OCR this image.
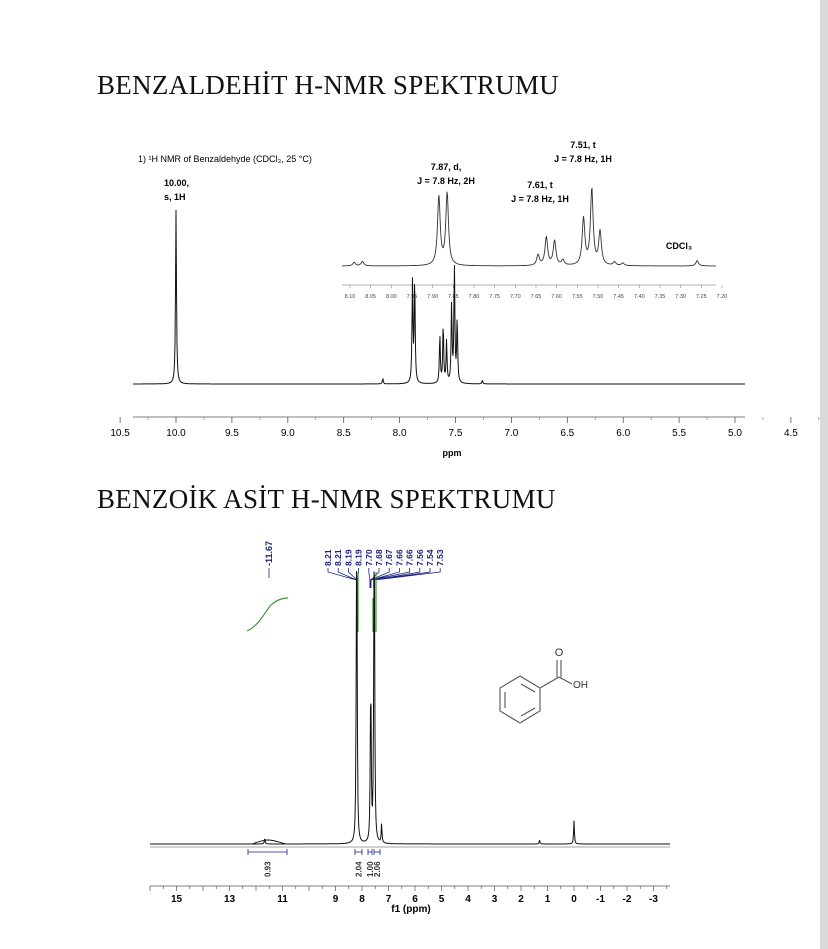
BENZALDEHİT H-NMR SPEKTRUMU
1) ¹H NMR of Benzaldehyde (CDCl₃, 25 °C)
10.00,
s, 1H
7.87, d,
J = 7.8 Hz, 2H	7.61, t
J = 7.8 Hz, 1H
7.51, t
J = 7.8 Hz, 1H
CDCl₃
8.10 8.05 8.00 7.95 7.90 7.85 7.80 7.75 7.70 7.65 7.60 7.55 7.50 7.45 7.40 7.35 7.30 7.25 7.20
10.5	10.0	9.5	9.0	8.5	8.0	7.5	7.0	6.5	6.0	5.5	5.0	4.5
ppm
BENZOİK ASİT H-NMR SPEKTRUMU
-11.67	8.21 8.21 8.19 8.19 7.70 7.68 7.67 7.66 7.66 7.56 7.54 7.53
O
OH
0.93	2.04 1.00
2.06
15	13	11	9 8 7 6 5 4 3 2 1 0 -1 -2 -3
f1 (ppm)
